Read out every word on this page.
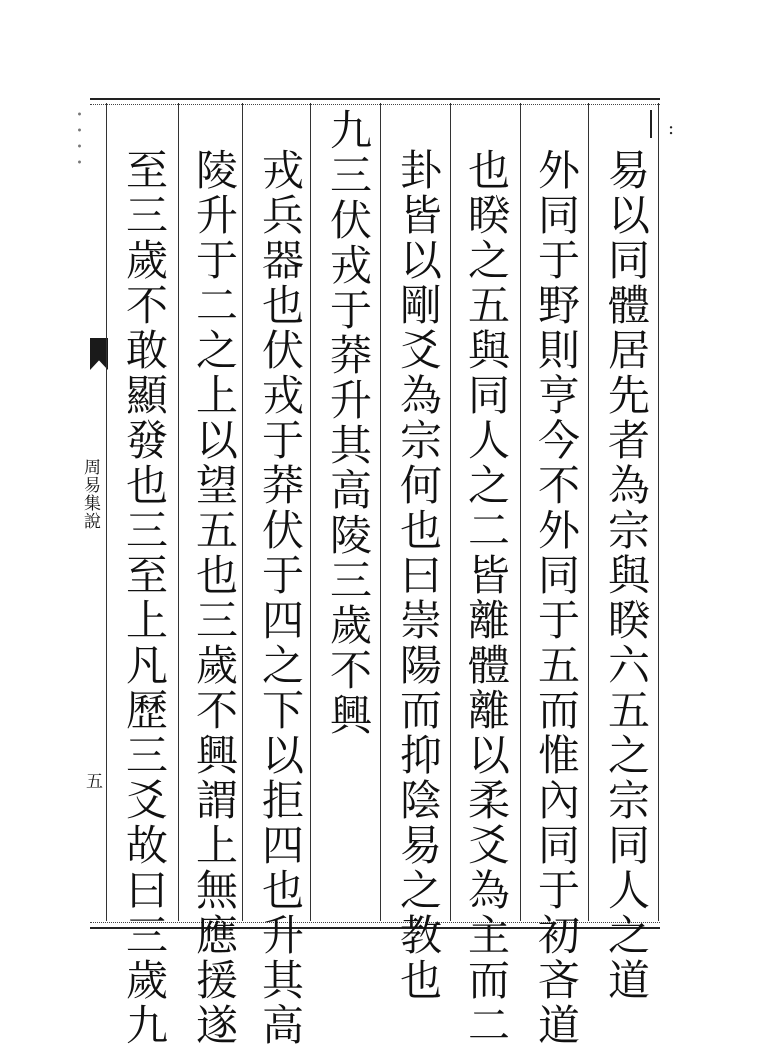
・・・・
周易集說
五
:
易以同體居先者為宗與睽六五之宗同人之道
外同于野則亨今不外同于五而惟內同于初吝道
也睽之五與同人之二皆離體離以柔爻為主而二
卦皆以剛爻為宗何也曰崇陽而抑陰易之教也
九三伏戎于莽升其高陵三歲不興
戎兵器也伏戎于莽伏于四之下以拒四也升其高
陵升于二之上以望五也三歲不興謂上無應援遂
至三歲不敢顯發也三至上凡歷三爻故曰三歲九
